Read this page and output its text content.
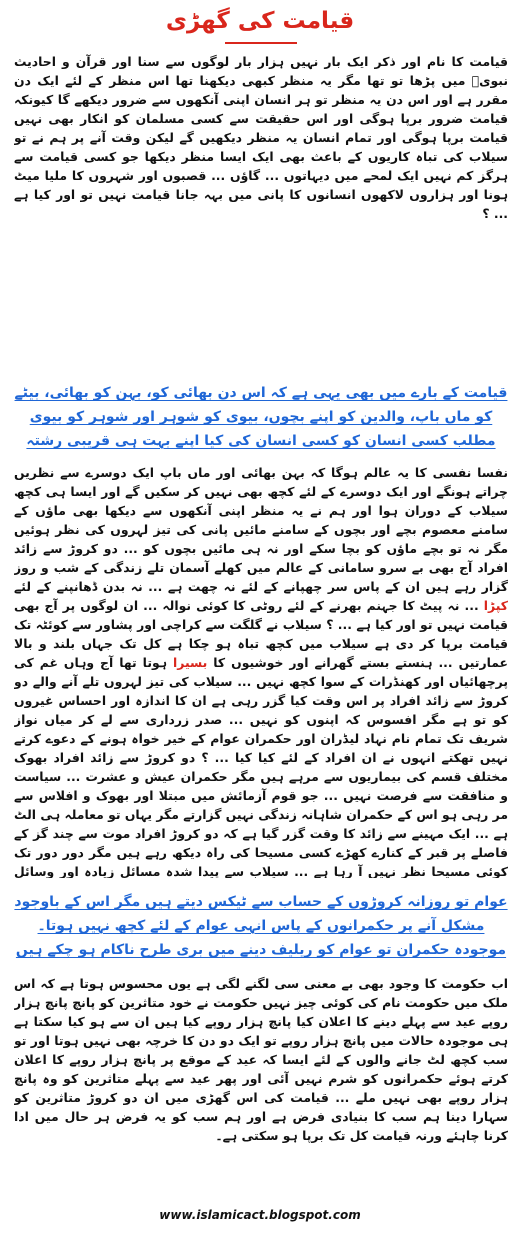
قیامت کی گھڑی

قیامت کا نام اور ذکر ایک بار نہیں ہزار بار لوگوں سے سنا اور قرآن و احادیث نبویؐ میں پڑھا تو تھا مگر یہ منظر کبھی دیکھنا تھا اس منظر کے لئے ایک دن مقرر ہے اور اس دن یہ منظر تو ہر انسان اپنی آنکھوں سے ضرور دیکھے گا کیونکہ قیامت ضرور برپا ہوگی اور اس حقیقت سے کسی مسلمان کو انکار بھی نہیں قیامت برپا ہوگی اور تمام انسان یہ منظر دیکھیں گے لیکن وقت آنے پر ہم نے تو سیلاب کی تباہ کاریوں کے باعث بھی ایک ایسا منظر دیکھا جو کسی قیامت سے ہرگز کم نہیں ایک لمحے میں دیہاتوں ... گاؤں ... قصبوں اور شہروں کا ملیا میٹ ہونا اور ہزاروں لاکھوں انسانوں کا پانی میں بہہ جانا قیامت نہیں تو اور کیا ہے ... ؟

قیامت کے بارے میں بھی یہی ہے کہ اس دن بھائی کو، بہن کو بھائی، بیٹے کو ماں باپ، والدین کو اپنے بچوں، بیوی کو شوہر اور شوہر کو بیوی مطلب کسی انسان کو کسی انسان کی کیا اپنے بہت ہی قریبی رشتہ

نفسا نفسی کا یہ عالم ہوگا کہ بہن بھائی اور ماں باپ ایک دوسرے سے نظریں چراتے ہونگے اور ایک دوسرے کے لئے کچھ بھی نہیں کر سکیں گے اور ایسا ہی کچھ سیلاب کے دوران ہوا اور ہم نے یہ منظر اپنی آنکھوں سے دیکھا بھی ماؤں کے سامنے معصوم بچے اور بچوں کے سامنے مائیں پانی کی تیز لہروں کی نظر ہوئیں مگر نہ تو بچے ماؤں کو بچا سکے اور نہ ہی مائیں بچوں کو ... دو کروڑ سے زائد افراد آج بھی بے سرو سامانی کے عالم میں کھلے آسمان تلے زندگی کے شب و روز گزار رہے ہیں ان کے پاس سر چھپانے کے لئے نہ چھت ہے ... نہ بدن ڈھانپنے کے لئے کپڑا ... نہ پیٹ کا جہنم بھرنے کے لئے روٹی کا کوئی نوالہ ... ان لوگوں پر آج بھی قیامت نہیں تو اور کیا ہے ... ؟ سیلاب نے گلگت سے کراچی اور پشاور سے کوئٹہ تک قیامت برپا کر دی ہے سیلاب میں کچھ تباہ ہو چکا ہے کل تک جہاں بلند و بالا عمارتیں ... ہنستے بستے گھرانے اور خوشیوں کا بسیرا ہوتا تھا آج وہاں غم کی پرچھائیاں اور کھنڈرات کے سوا کچھ نہیں ... سیلاب کی تیز لہروں تلے آنے والے دو کروڑ سے زائد افراد پر اس وقت کیا گزر رہی ہے ان کا اندازہ اور احساس غیروں کو تو ہے مگر افسوس کہ اپنوں کو نہیں ... صدر زرداری سے لے کر میاں نواز شریف تک تمام نام نہاد لیڈران اور حکمران عوام کے خیر خواہ ہونے کے دعوے کرتے نہیں تھکتے انہوں نے ان افراد کے لئے کیا کیا ... ؟ دو کروڑ سے زائد افراد بھوک مختلف قسم کی بیماریوں سے مرہے ہیں مگر حکمران عیش و عشرت ... سیاست و منافقت سے فرصت نہیں ... جو قوم آزمائش میں مبتلا اور بھوک و افلاس سے مر رہی ہو اس کے حکمران شاہانہ زندگی نہیں گزارتے مگر یہاں تو معاملہ ہی الٹ ہے ... ایک مہینے سے زائد کا وقت گزر گیا ہے کہ دو کروڑ افراد موت سے چند گز کے فاصلے پر قبر کے کنارے کھڑے کسی مسیحا کی راہ دیکھ رہے ہیں مگر دور دور تک کوئی مسیحا نظر نہیں آ رہا ہے ... سیلاب سے پیدا شدہ مسائل زیادہ اور وسائل

عوام تو روزانہ کروڑوں کے حساب سے ٹیکس دیتے ہیں مگر اس کے باوجود مشکل آنے پر حکمرانوں کے پاس انہی عوام کے لئے کچھ نہیں ہوتا۔ موجودہ حکمران تو عوام کو ریلیف دینے میں بری طرح ناکام ہو چکے ہیں

اب حکومت کا وجود بھی بے معنی سی لگنے لگی ہے یوں محسوس ہوتا ہے کہ اس ملک میں حکومت نام کی کوئی چیز نہیں حکومت نے خود متاثرین کو پانچ پانچ ہزار روپے عید سے پہلے دینے کا اعلان کیا پانچ ہزار روپے کیا ہیں ان سے ہو کیا سکتا ہے ہی موجودہ حالات میں پانچ ہزار روپے تو ایک دو دن کا خرچہ بھی نہیں ہوتا اور تو سب کچھ لٹ جانے والوں کے لئے ایسا کہ عید کے موقع پر پانچ ہزار روپے کا اعلان کرتے ہوئے حکمرانوں کو شرم نہیں آئی اور پھر عید سے پہلے متاثرین کو وہ پانچ ہزار روپے بھی نہیں ملے ... قیامت کی اس گھڑی میں ان دو کروڑ متاثرین کو سہارا دینا ہم سب کا بنیادی فرض ہے اور ہم سب کو یہ فرض ہر حال میں ادا کرنا چاہئے ورنہ قیامت کل تک برپا ہو سکتی ہے۔

www.islamicact.blogspot.com
